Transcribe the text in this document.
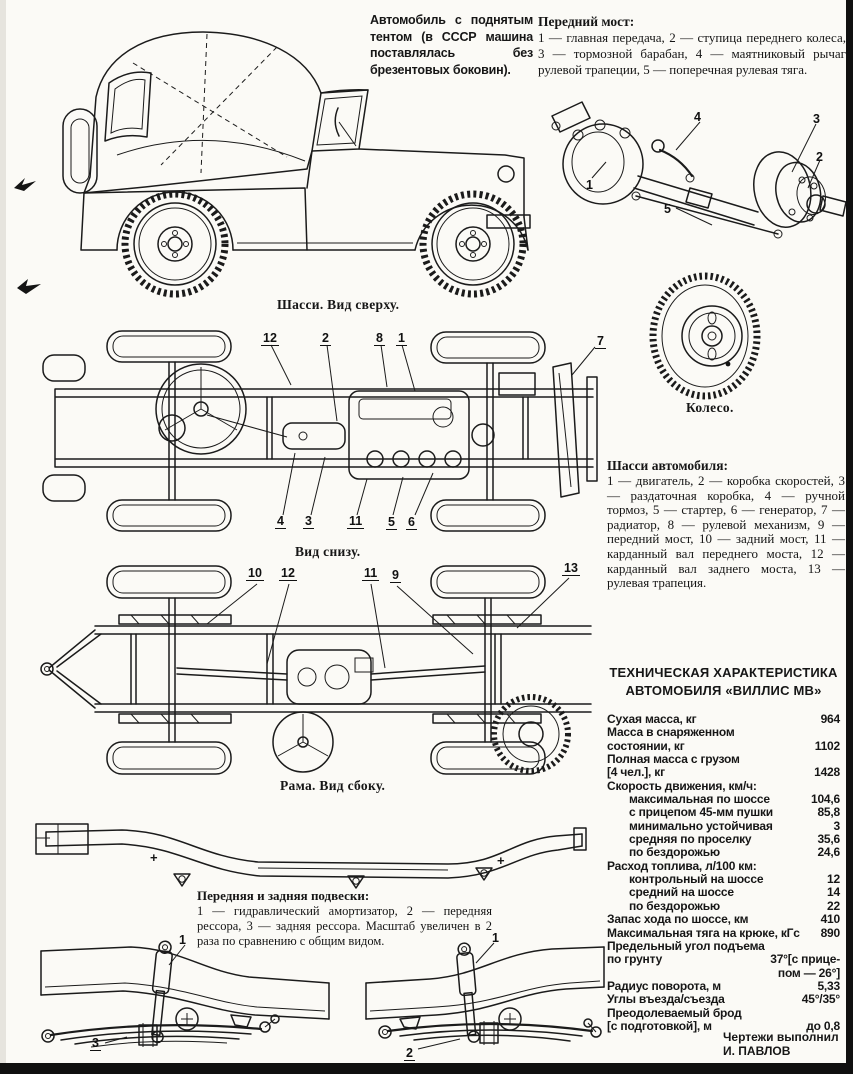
Автомобиль с поднятым тентом (в СССР машина поставлялась без брезентовых боковин).
Передний мост:
1 — главная передача, 2 — ступица переднего колеса, 3 — тормозной барабан, 4 — маятниковый рычаг рулевой трапеции, 5 — поперечная рулевая тяга.
1
4	3
2
5
Колесо.
Шасси. Вид сверху.
12	2	8 1	7
4 3	11 5 6
Вид снизу.
10 12	11 9	13
Рама. Вид сбоку.
+	+
Передняя и задняя подвески:
1 — гидравлический амортизатор, 2 — передняя рессора, 3 — задняя рессора. Масштаб увеличен в 2 раза по сравнению с общим видом.
1
3
1
2
Шасси автомобиля:
1 — двигатель, 2 — коробка скоростей, 3 — раздаточная коробка, 4 — ручной тормоз, 5 — стартер, 6 — генератор, 7 — радиатор, 8 — рулевой механизм, 9 — передний мост, 10 — задний мост, 11 — карданный вал переднего моста, 12 — карданный вал заднего моста, 13 — рулевая трапеция.
ТЕХНИЧЕСКАЯ ХАРАКТЕРИСТИКА
АВТОМОБИЛЯ «ВИЛЛИС МВ»
Сухая масса, кг	964
Масса в снаряженном
состоянии, кг	1102
Полная масса с грузом
[4 чел.], кг	1428
Скорость движения, км/ч:
максимальная по шоссе	104,6
с прицепом 45-мм пушки	85,8
минимально устойчивая	3
средняя по проселку	35,6
по бездорожью	24,6
Расход топлива, л/100 км:
контрольный на шоссе	12
средний на шоссе	14
по бездорожью	22
Запас хода по шоссе, км	410
Максимальная тяга на крюке, кГс 890
Предельный угол подъема
по грунту	37°[с прице-
пом — 26°]
Радиус поворота, м	5,33
Углы въезда/съезда	45°/35°
Преодолеваемый брод
[с подготовкой], м	до 0,8
Чертежи выполнил
И. ПАВЛОВ
